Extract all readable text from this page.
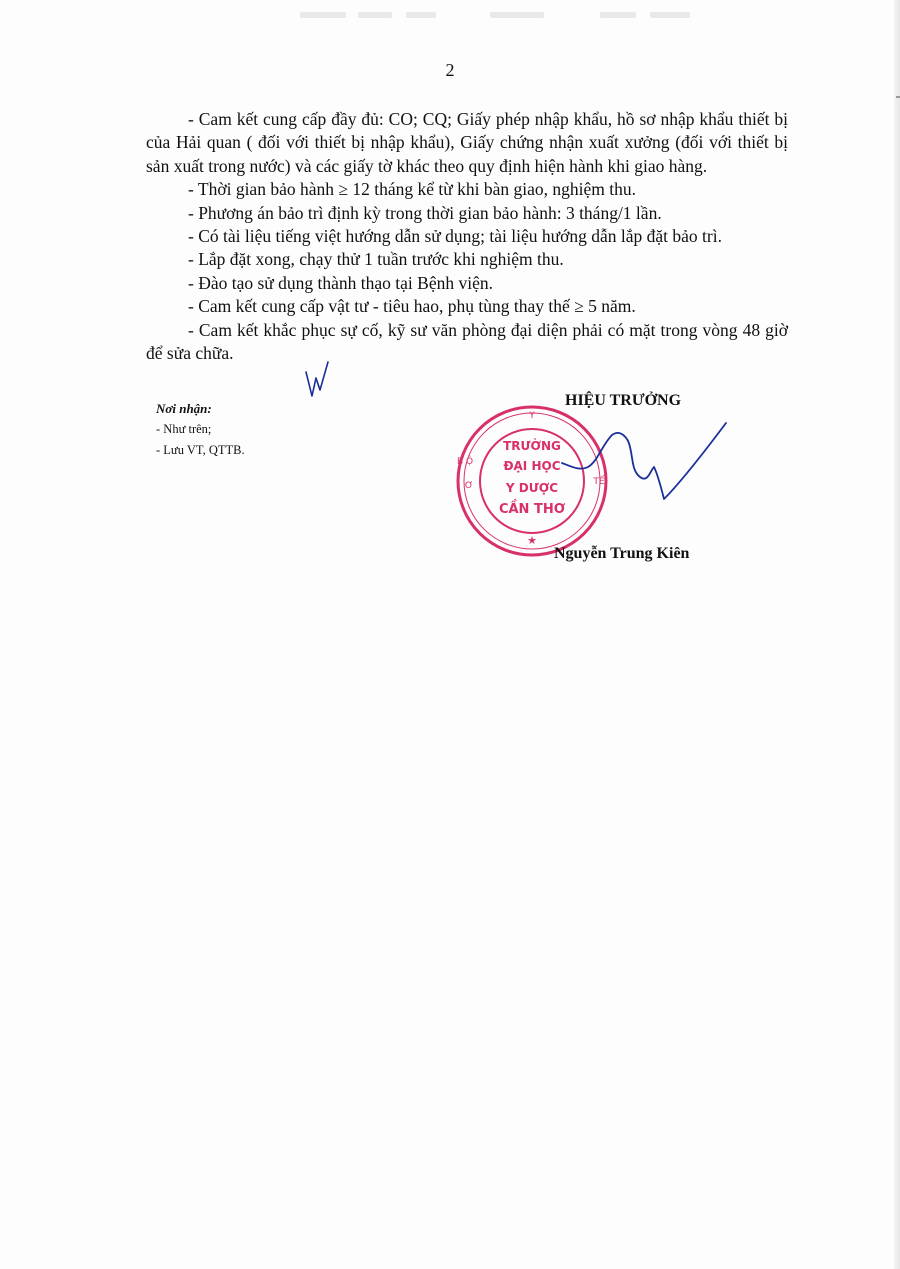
2

- Cam kết cung cấp đầy đủ: CO; CQ; Giấy phép nhập khẩu, hồ sơ nhập khẩu thiết bị của Hải quan ( đối với thiết bị nhập khẩu), Giấy chứng nhận xuất xưởng (đối với thiết bị sản xuất trong nước) và các giấy tờ khác theo quy định hiện hành khi giao hàng.

- Thời gian bảo hành ≥ 12 tháng kể từ khi bàn giao, nghiệm thu.

- Phương án bảo trì định kỳ trong thời gian bảo hành: 3 tháng/1 lần.

- Có tài liệu tiếng việt hướng dẫn sử dụng; tài liệu hướng dẫn lắp đặt bảo trì.

- Lắp đặt xong, chạy thử 1 tuần trước khi nghiệm thu.

- Đào tạo sử dụng thành thạo tại Bệnh viện.

- Cam kết cung cấp vật tư - tiêu hao, phụ tùng thay thế ≥ 5 năm.

- Cam kết khắc phục sự cố, kỹ sư văn phòng đại diện phải có mặt trong vòng 48 giờ để sửa chữa.

Nơi nhận:
- Như trên;
- Lưu VT, QTTB.
Y
B Ộ
Ơ	TẾ
TRƯỜNG
ĐẠI HỌC
Y DƯỢC
CẦN THƠ
★
HIỆU TRƯỞNG
Nguyễn Trung Kiên
